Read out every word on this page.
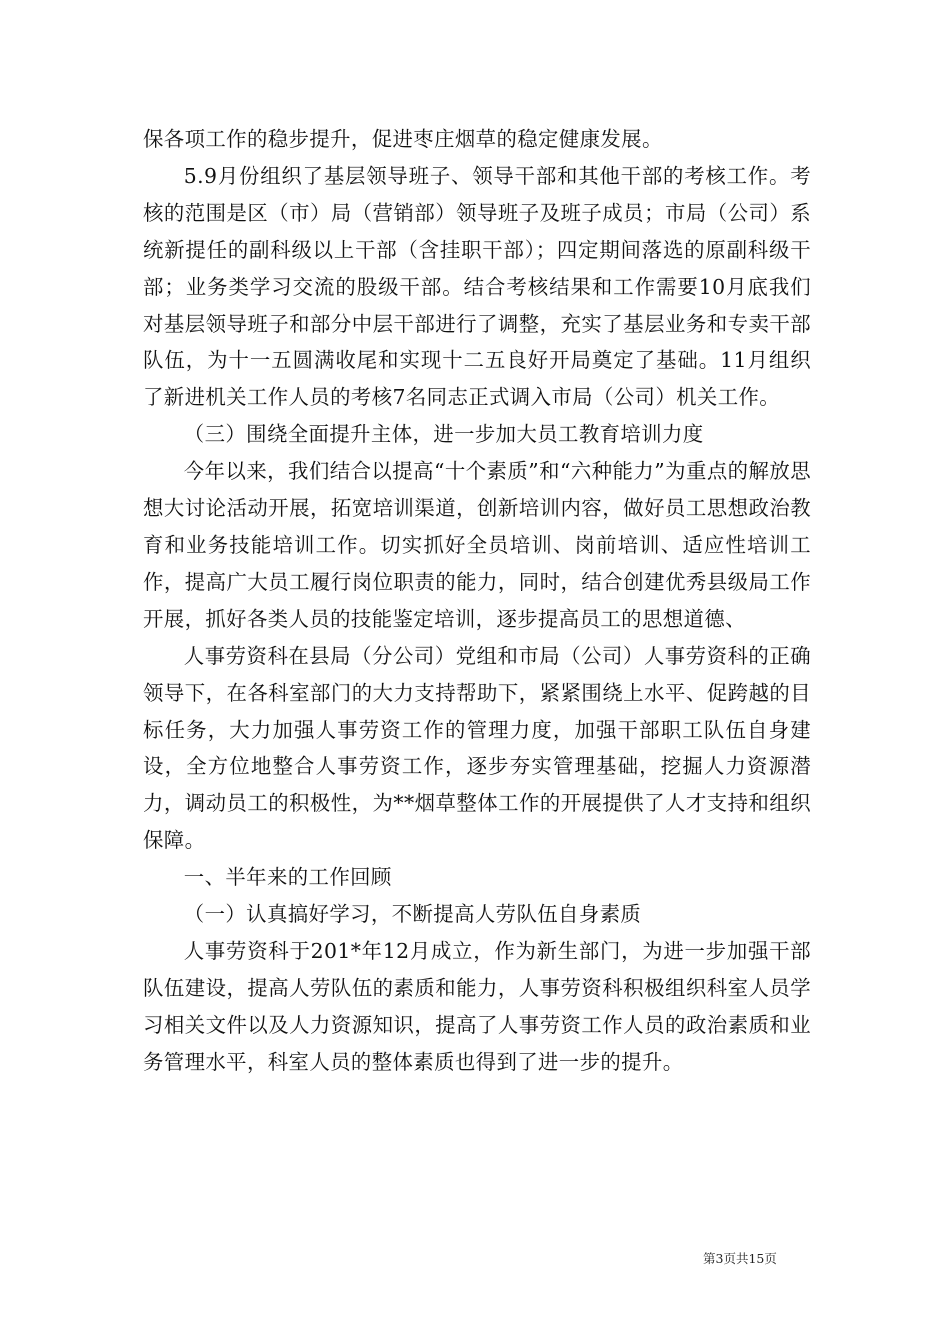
保各项工作的稳步提升，促进枣庄烟草的稳定健康发展。

5.9月份组织了基层领导班子、领导干部和其他干部的考核工作。考核的范围是区（市）局（营销部）领导班子及班子成员；市局（公司）系统新提任的副科级以上干部（含挂职干部）；四定期间落选的原副科级干部；业务类学习交流的股级干部。结合考核结果和工作需要10月底我们对基层领导班子和部分中层干部进行了调整，充实了基层业务和专卖干部队伍，为十一五圆满收尾和实现十二五良好开局奠定了基础。11月组织了新进机关工作人员的考核7名同志正式调入市局（公司）机关工作。

（三）围绕全面提升主体，进一步加大员工教育培训力度

今年以来，我们结合以提高“十个素质”和“六种能力”为重点的解放思想大讨论活动开展，拓宽培训渠道，创新培训内容，做好员工思想政治教育和业务技能培训工作。切实抓好全员培训、岗前培训、适应性培训工作，提高广大员工履行岗位职责的能力，同时，结合创建优秀县级局工作开展，抓好各类人员的技能鉴定培训，逐步提高员工的思想道德、

人事劳资科在县局（分公司）党组和市局（公司）人事劳资科的正确领导下，在各科室部门的大力支持帮助下，紧紧围绕上水平、促跨越的目标任务，大力加强人事劳资工作的管理力度，加强干部职工队伍自身建设，全方位地整合人事劳资工作，逐步夯实管理基础，挖掘人力资源潜力，调动员工的积极性，为**烟草整体工作的开展提供了人才支持和组织保障。

一、半年来的工作回顾

（一）认真搞好学习，不断提高人劳队伍自身素质

人事劳资科于201*年12月成立，作为新生部门，为进一步加强干部队伍建设，提高人劳队伍的素质和能力，人事劳资科积极组织科室人员学习相关文件以及人力资源知识，提高了人事劳资工作人员的政治素质和业务管理水平，科室人员的整体素质也得到了进一步的提升。

第3页共15页
